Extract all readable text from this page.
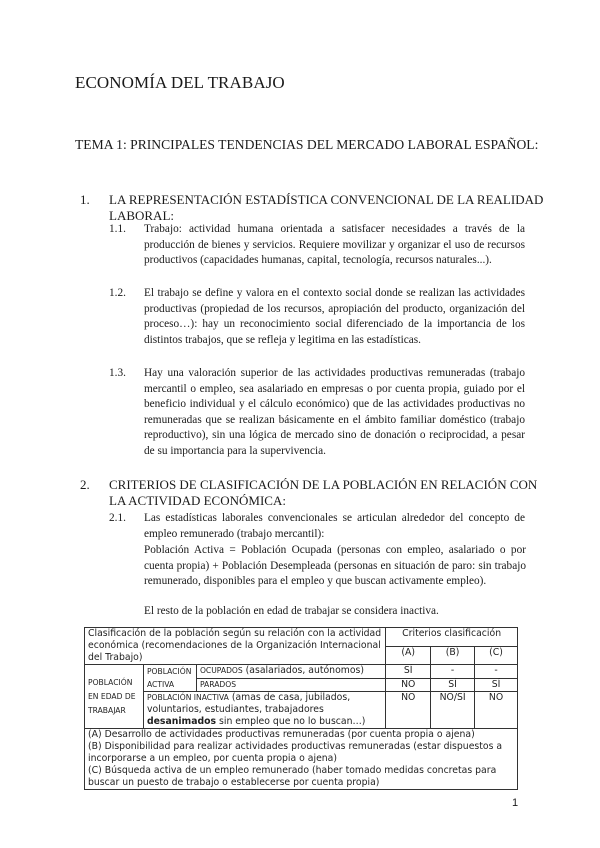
ECONOMÍA DEL TRABAJO
TEMA 1: PRINCIPALES TENDENCIAS DEL MERCADO LABORAL ESPAÑOL:
1. LA REPRESENTACIÓN ESTADÍSTICA CONVENCIONAL DE LA REALIDAD LABORAL:
1.1. Trabajo: actividad humana orientada a satisfacer necesidades a través de la producción de bienes y servicios. Requiere movilizar y organizar el uso de recursos productivos (capacidades humanas, capital, tecnología, recursos naturales...).
1.2. El trabajo se define y valora en el contexto social donde se realizan las actividades productivas (propiedad de los recursos, apropiación del producto, organización del proceso…): hay un reconocimiento social diferenciado de la importancia de los distintos trabajos, que se refleja y legitima en las estadísticas.
1.3. Hay una valoración superior de las actividades productivas remuneradas (trabajo mercantil o empleo, sea asalariado en empresas o por cuenta propia, guiado por el beneficio individual y el cálculo económico) que de las actividades productivas no remuneradas que se realizan básicamente en el ámbito familiar doméstico (trabajo reproductivo), sin una lógica de mercado sino de donación o reciprocidad, a pesar de su importancia para la supervivencia.
2. CRITERIOS DE CLASIFICACIÓN DE LA POBLACIÓN EN RELACIÓN CON LA ACTIVIDAD ECONÓMICA:
2.1. Las estadísticas laborales convencionales se articulan alrededor del concepto de empleo remunerado (trabajo mercantil):
Población Activa = Población Ocupada (personas con empleo, asalariado o por cuenta propia) + Población Desempleada (personas en situación de paro: sin trabajo remunerado, disponibles para el empleo y que buscan activamente empleo).
El resto de la población en edad de trabajar se considera inactiva.
Clasificación de la población según su relación con la actividad económica (recomendaciones de la Organización Internacional del Trabajo)			Criterios clasificación		
			(A)	(B)	(C)
POBLACIÓN EN EDAD DE TRABAJAR	POBLACIÓN ACTIVA	OCUPADOS (asalariados, autónomos)	SÍ	-	-
		PARADOS	NO	SÍ	SÍ
	POBLACIÓN INACTIVA (amas de casa, jubilados, voluntarios, estudiantes, trabajadores
desanimados sin empleo que no lo buscan…)		NO	NO/SÍ	NO

(A) Desarrollo de actividades productivas remuneradas (por cuenta propia o ajena)
(B) Disponibilidad para realizar actividades productivas remuneradas (estar dispuestos a incorporarse a un empleo, por cuenta propia o ajena)
(C) Búsqueda activa de un empleo remunerado (haber tomado medidas concretas para buscar un puesto de trabajo o establecerse por cuenta propia)					
1
